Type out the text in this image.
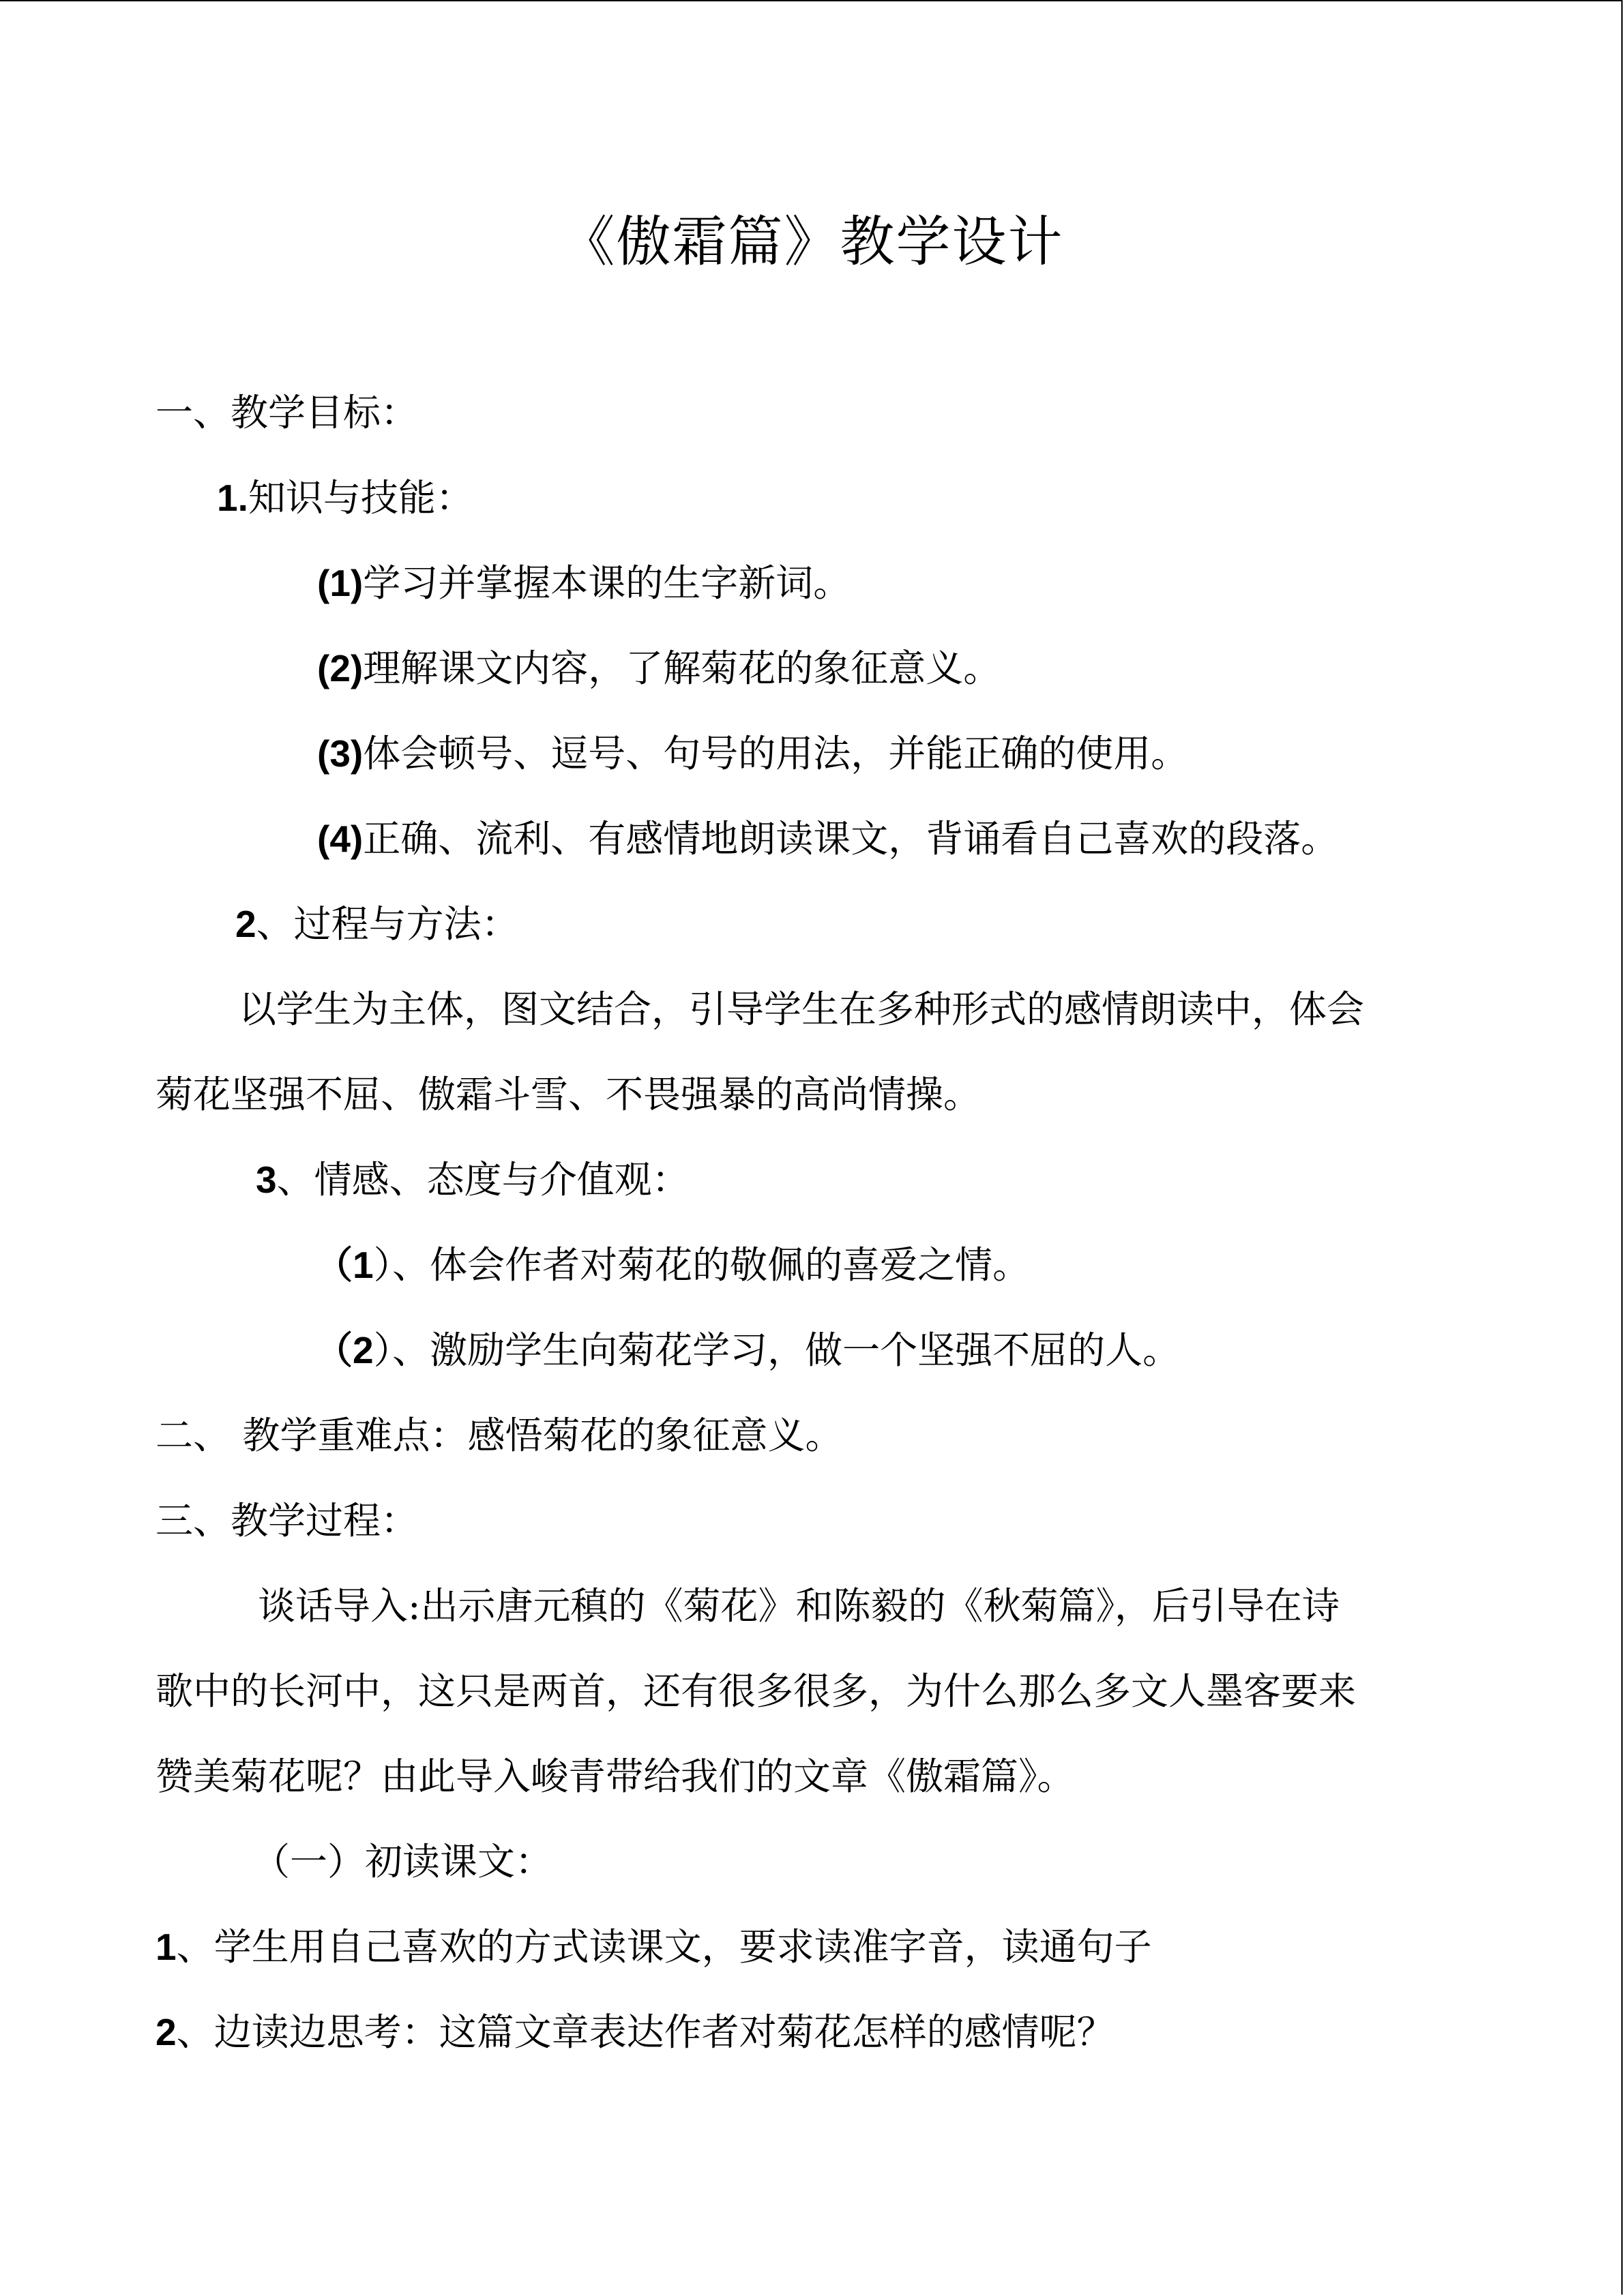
《傲霜篇》教学设计
一、教学目标：
1.知识与技能：
(1)学习并掌握本课的生字新词。
(2)理解课文内容，了解菊花的象征意义。
(3)体会顿号、逗号、句号的用法，并能正确的使用。
(4)正确、流利、有感情地朗读课文，背诵看自己喜欢的段落。
2、过程与方法：
以学生为主体，图文结合，引导学生在多种形式的感情朗读中，体会
菊花坚强不屈、傲霜斗雪、不畏强暴的高尚情操。
3、情感、态度与介值观：
（1）、体会作者对菊花的敬佩的喜爱之情。
（2）、激励学生向菊花学习，做一个坚强不屈的人。
二、 教学重难点：感悟菊花的象征意义。
三、教学过程：
谈话导入:出示唐元稹的《菊花》和陈毅的《秋菊篇》，后引导在诗
歌中的长河中，这只是两首，还有很多很多，为什么那么多文人墨客要来
赞美菊花呢？由此导入峻青带给我们的文章《傲霜篇》。
（一）初读课文：
1、学生用自己喜欢的方式读课文，要求读准字音，读通句子
2、边读边思考：这篇文章表达作者对菊花怎样的感情呢？
